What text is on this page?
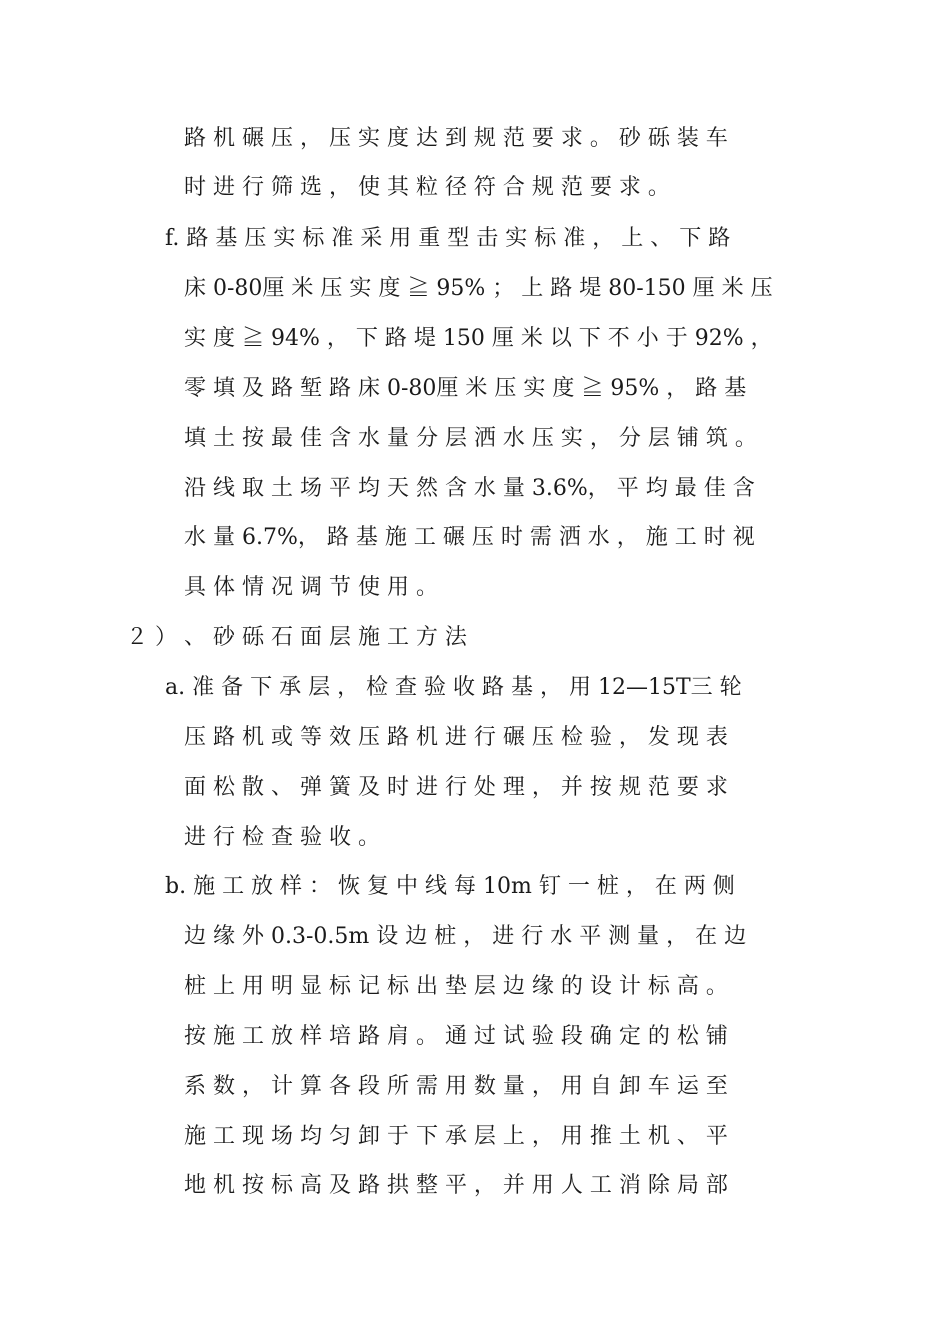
路 机 碾 压 ， 压 实 度 达 到 规 范 要 求 。 砂 砾 装 车
时 进 行 筛 选 ， 使 其 粒 径 符 合 规 范 要 求 。
f. 路 基 压 实 标 准 采 用 重 型 击 实 标 准 ， 上 、 下 路
床 0-80厘 米 压 实 度 ≧ 95% ； 上 路 堤 80-150 厘 米 压
实 度 ≧ 94% ， 下 路 堤 150 厘 米 以 下 不 小 于 92% ，
零 填 及 路 堑 路 床 0-80厘 米 压 实 度 ≧ 95% ， 路 基
填 土 按 最 佳 含 水 量 分 层 洒 水 压 实 ， 分 层 铺 筑 。
沿 线 取 土 场 平 均 天 然 含 水 量 3.6%， 平 均 最 佳 含
水 量 6.7%， 路 基 施 工 碾 压 时 需 洒 水 ， 施 工 时 视
具 体 情 况 调 节 使 用 。
２ ） 、 砂 砾 石 面 层 施 工 方 法
a. 准 备 下 承 层 ， 检 查 验 收 路 基 ， 用 12—15T三 轮
压 路 机 或 等 效 压 路 机 进 行 碾 压 检 验 ， 发 现 表
面 松 散 、 弹 簧 及 时 进 行 处 理 ， 并 按 规 范 要 求
进 行 检 查 验 收 。
b. 施 工 放 样 ： 恢 复 中 线 每 10m 钉 一 桩 ， 在 两 侧
边 缘 外 0.3-0.5m 设 边 桩 ， 进 行 水 平 测 量 ， 在 边
桩 上 用 明 显 标 记 标 出 垫 层 边 缘 的 设 计 标 高 。
按 施 工 放 样 培 路 肩 。 通 过 试 验 段 确 定 的 松 铺
系 数 ， 计 算 各 段 所 需 用 数 量 ， 用 自 卸 车 运 至
施 工 现 场 均 匀 卸 于 下 承 层 上 ， 用 推 土 机 、 平
地 机 按 标 高 及 路 拱 整 平 ， 并 用 人 工 消 除 局 部
